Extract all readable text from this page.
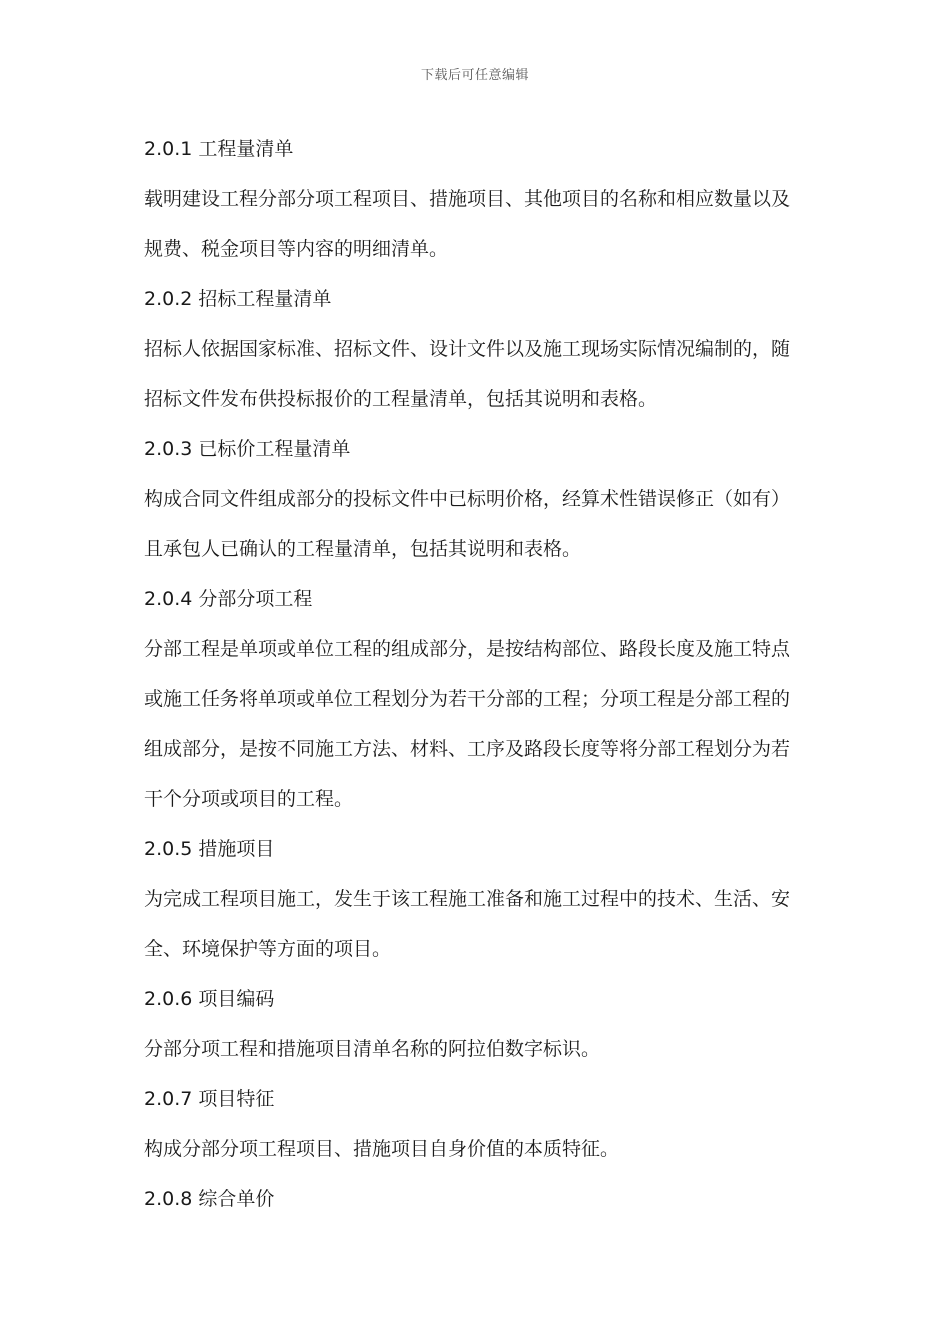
下载后可任意编辑
2.0.1 工程量清单
载明建设工程分部分项工程项目、措施项目、其他项目的名称和相应数量以及
规费、税金项目等内容的明细清单。
2.0.2 招标工程量清单
招标人依据国家标准、招标文件、设计文件以及施工现场实际情况编制的，随
招标文件发布供投标报价的工程量清单，包括其说明和表格。
2.0.3 已标价工程量清单
构成合同文件组成部分的投标文件中已标明价格，经算术性错误修正（如有）
且承包人已确认的工程量清单，包括其说明和表格。
2.0.4 分部分项工程
分部工程是单项或单位工程的组成部分，是按结构部位、路段长度及施工特点
或施工任务将单项或单位工程划分为若干分部的工程；分项工程是分部工程的
组成部分，是按不同施工方法、材料、工序及路段长度等将分部工程划分为若
干个分项或项目的工程。
2.0.5 措施项目
为完成工程项目施工，发生于该工程施工准备和施工过程中的技术、生活、安
全、环境保护等方面的项目。
2.0.6 项目编码
分部分项工程和措施项目清单名称的阿拉伯数字标识。
2.0.7 项目特征
构成分部分项工程项目、措施项目自身价值的本质特征。
2.0.8 综合单价
